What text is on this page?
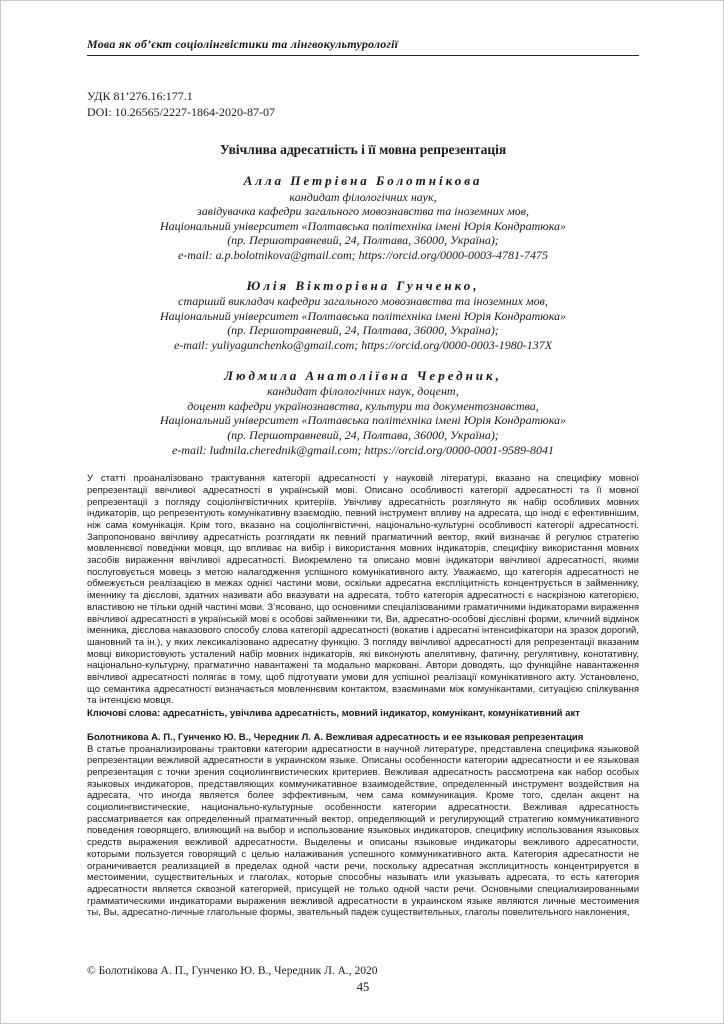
Мова як об’єкт соціолінгвістики та лінгвокультурології
УДК 81’276.16:177.1
DOI: 10.26565/2227-1864-2020-87-07
Увічлива адресатність і її мовна репрезентація
Алла Петрівна Болотнікова
кандидат філологічних наук,
завідувачка кафедри загального мовознавства та іноземних мов,
Національний університет «Полтавська політехніка імені Юрія Кондратюка»
(пр. Першотравневий, 24, Полтава, 36000, Україна);
e-mail: a.p.bolotnikova@gmail.com; https://orcid.org/0000-0003-4781-7475
Юлія Вікторівна Гунченко,
старший викладач кафедри загального мовознавства та іноземних мов,
Національний університет «Полтавська політехніка імені Юрія Кондратюка»
(пр. Першотравневий, 24, Полтава, 36000, Україна);
e-mail: yuliyagunchenko@gmail.com; https://orcid.org/0000-0003-1980-137X
Людмила Анатоліївна Чередник,
кандидат філологічних наук, доцент,
доцент кафедри українознавства, культури та документознавства,
Національний університет «Полтавська політехніка імені Юрія Кондратюка»
(пр. Першотравневий, 24, Полтава, 36000, Україна);
e-mail: ludmila.cherednik@gmail.com; https://orcid.org/0000-0001-9589-8041
У статті проаналізовано трактування категорії адресатності у науковій літературі, вказано на специфіку мовної репрезентації ввічливої адресатності в українській мові. Описано особливості категорії адресатності та її мовної репрезентації з погляду соціолінгвістичних критеріїв. Увічливу адресатність розглянуто як набір особливих мовних індикаторів, що репрезентують комунікативну взаємодію, певний інструмент впливу на адресата, що іноді є ефективнішим, ніж сама комунікація. Крім того, вказано на соціолінгвістичні, національно-культурні особливості категорії адресатності. Запропоновано ввічливу адресатність розглядати як певний прагматичний вектор, який визначає й регулює стратегію мовленнєвої поведінки мовця, що впливає на вибір і використання мовних індикаторів, специфіку використання мовних засобів вираження ввічливої адресатності. Виокремлено та описано мовні індикатори ввічливої адресатності, якими послуговується мовець з метою налагодження успішного комунікативного акту. Уважаємо, що категорія адресатності не обмежується реалізацією в межах однієї частини мови, оскільки адресатна експліцитність концентрується в займеннику, іменнику та дієслові, здатних називати або вказувати на адресата, тобто категорія адресатності є наскрізною категорією, властивою не тільки одній частині мови. З’ясовано, що основними спеціалізованими граматичними індикаторами вираження ввічливої адресатності в українській мові є особові займенники ти, Ви, адресатно-особові дієслівні форми, кличний відмінок іменника, дієслова наказового способу слова категорії адресатності (вокатив і адресатні інтенсифікатори на зразок дорогий, шановний та ін.), у яких лексикалізовано адресатну функцію. З погляду ввічливої адресатності для репрезентації вказаним мовці використовують усталений набір мовних індикаторів, які виконують апелятивну, фатичну, регулятивну, конотативну, національно-культурну, прагматично навантажені та модально марковані. Автори доводять, що функційне навантаження ввічливої адресатності полягає в тому, щоб підготувати умови для успішної реалізації комунікативного акту. Установлено, що семантика адресатності визначається мовленнєвим контактом, взаєминами між комунікантами, ситуацією спілкування та інтенцією мовця.
Ключові слова: адресатність, увічлива адресатність, мовний індикатор, комунікант, комунікативний акт
Болотникова А. П., Гунченко Ю. В., Чередник Л. А. Вежливая адресатность и ее языковая репрезентация
В статье проанализированы трактовки категории адресатности в научной литературе, представлена специфика языковой репрезентации вежливой адресатности в украинском языке. Описаны особенности категории адресатности и ее языковая репрезентация с точки зрения социолингвистических критериев. Вежливая адресатность рассмотрена как набор особых языковых индикаторов, представляющих коммуникативное взаимодействие, определенный инструмент воздействия на адресата, что иногда является более эффективным, чем сама коммуникация. Кроме того, сделан акцент на социолингвистические, национально-культурные особенности категории адресатности. Вежливая адресатность рассматривается как определенный прагматичный вектор, определяющий и регулирующий стратегию коммуникативного поведения говорящего, влияющий на выбор и использование языковых индикаторов, специфику использования языковых средств выражения вежливой адресатности. Выделены и описаны языковые индикаторы вежливого адресатности, которыми пользуется говорящий с целью налаживания успешного коммуникативного акта. Категория адресатности не ограничивается реализацией в пределах одной части речи, поскольку адресатная эксплицитность концентрируется в местоимении, существительных и глаголах, которые способны называть или указывать адресата, то есть категория адресатности является сквозной категорией, присущей не только одной части речи. Основными специализированными грамматическими индикаторами выражения вежливой адресатности в украинском языке являются личные местоимения ты, Вы, адресатно-личные глагольные формы, звательный падеж существительных, глаголы повелительного наклонения,
© Болотнікова А. П., Гунченко Ю. В., Чередник Л. А., 2020
45
